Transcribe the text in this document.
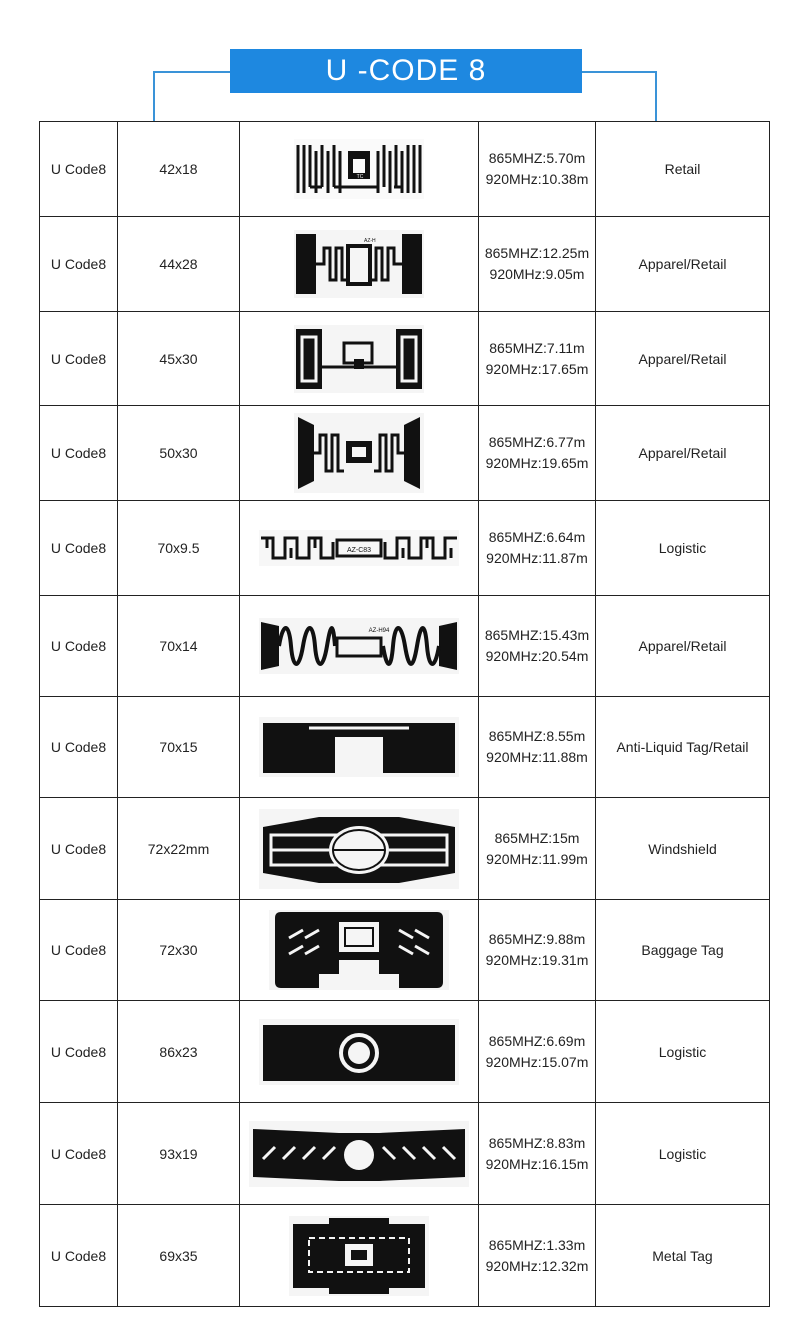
U -CODE 8
U Code8	42x18	TC	865MHZ:5.70m
920MHz:10.38m	Retail
U Code8	44x28	AZ-H	865MHZ:12.25m
920MHz:9.05m	Apparel/Retail
U Code8	45x30		865MHZ:7.11m
920MHz:17.65m	Apparel/Retail
U Code8	50x30		865MHZ:6.77m
920MHz:19.65m	Apparel/Retail
U Code8	70x9.5	AZ-C83	865MHZ:6.64m
920MHz:11.87m	Logistic
U Code8	70x14	AZ-H94	865MHZ:15.43m
920MHz:20.54m	Apparel/Retail
U Code8	70x15		865MHZ:8.55m
920MHz:11.88m	Anti-Liquid Tag/Retail
U Code8	72x22mm		865MHZ:15m
920MHz:11.99m	Windshield
U Code8	72x30		865MHZ:9.88m
920MHz:19.31m	Baggage Tag
U Code8	86x23		865MHZ:6.69m
920MHz:15.07m	Logistic
U Code8	93x19		865MHZ:8.83m
920MHz:16.15m	Logistic
U Code8	69x35		865MHZ:1.33m
920MHz:12.32m	Metal Tag
